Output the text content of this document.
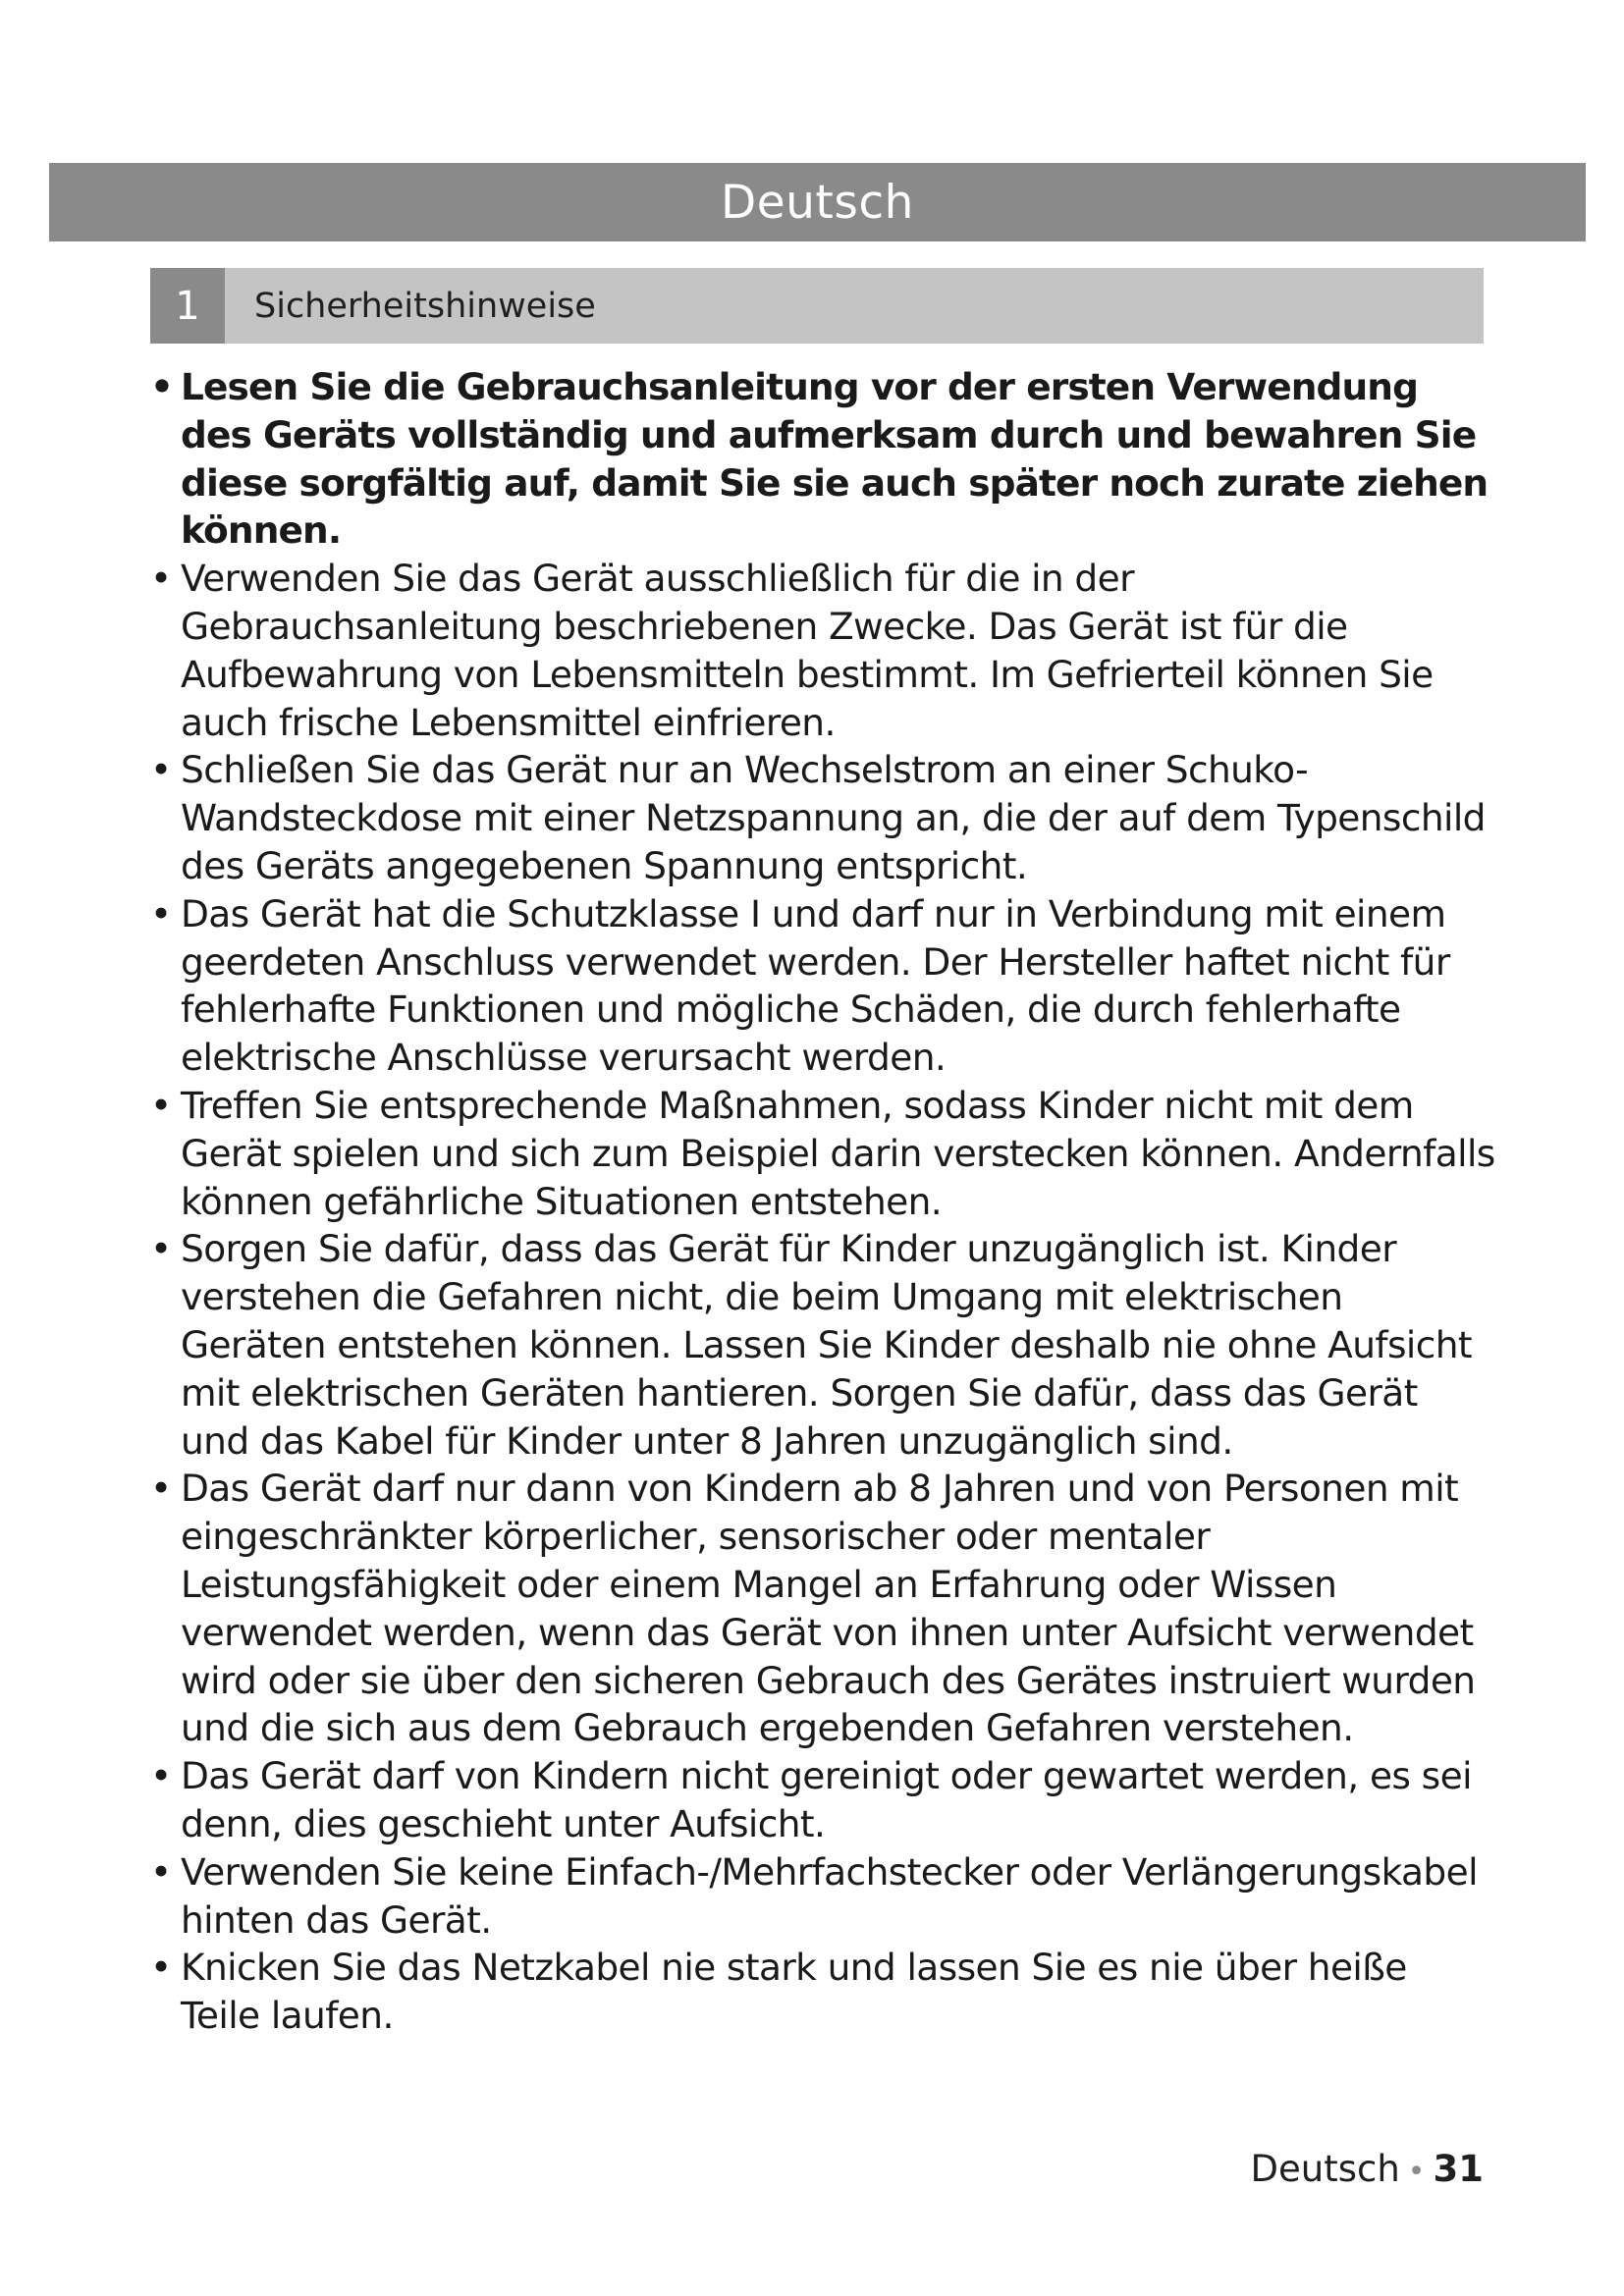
Deutsch
1	Sicherheitshinweise
• Lesen Sie die Gebrauchsanleitung vor der ersten Verwendung des Geräts vollständig und aufmerksam durch und bewahren Sie diese sorgfältig auf, damit Sie sie auch später noch zurate ziehen können.
• Verwenden Sie das Gerät ausschließlich für die in der Gebrauchsanleitung beschriebenen Zwecke. Das Gerät ist für die Aufbewahrung von Lebensmitteln bestimmt. Im Gefrierteil können Sie auch frische Lebensmittel einfrieren.
• Schließen Sie das Gerät nur an Wechselstrom an einer Schuko-Wandsteckdose mit einer Netzspannung an, die der auf dem Typenschild des Geräts angegebenen Spannung entspricht.
• Das Gerät hat die Schutzklasse I und darf nur in Verbindung mit einem geerdeten Anschluss verwendet werden. Der Hersteller haftet nicht für fehlerhafte Funktionen und mögliche Schäden, die durch fehlerhafte elektrische Anschlüsse verursacht werden.
• Treffen Sie entsprechende Maßnahmen, sodass Kinder nicht mit dem Gerät spielen und sich zum Beispiel darin verstecken können. Andernfalls können gefährliche Situationen entstehen.
• Sorgen Sie dafür, dass das Gerät für Kinder unzugänglich ist. Kinder verstehen die Gefahren nicht, die beim Umgang mit elektrischen Geräten entstehen können. Lassen Sie Kinder deshalb nie ohne Aufsicht mit elektrischen Geräten hantieren. Sorgen Sie dafür, dass das Gerät und das Kabel für Kinder unter 8 Jahren unzugänglich sind.
• Das Gerät darf nur dann von Kindern ab 8 Jahren und von Personen mit eingeschränkter körperlicher, sensorischer oder mentaler Leistungsfähigkeit oder einem Mangel an Erfahrung oder Wissen verwendet werden, wenn das Gerät von ihnen unter Aufsicht verwendet wird oder sie über den sicheren Gebrauch des Gerätes instruiert wurden und die sich aus dem Gebrauch ergebenden Gefahren verstehen.
• Das Gerät darf von Kindern nicht gereinigt oder gewartet werden, es sei denn, dies geschieht unter Aufsicht.
• Verwenden Sie keine Einfach-/Mehrfachstecker oder Verlängerungskabel hinten das Gerät.
• Knicken Sie das Netzkabel nie stark und lassen Sie es nie über heiße Teile laufen.
Deutsch • 31
